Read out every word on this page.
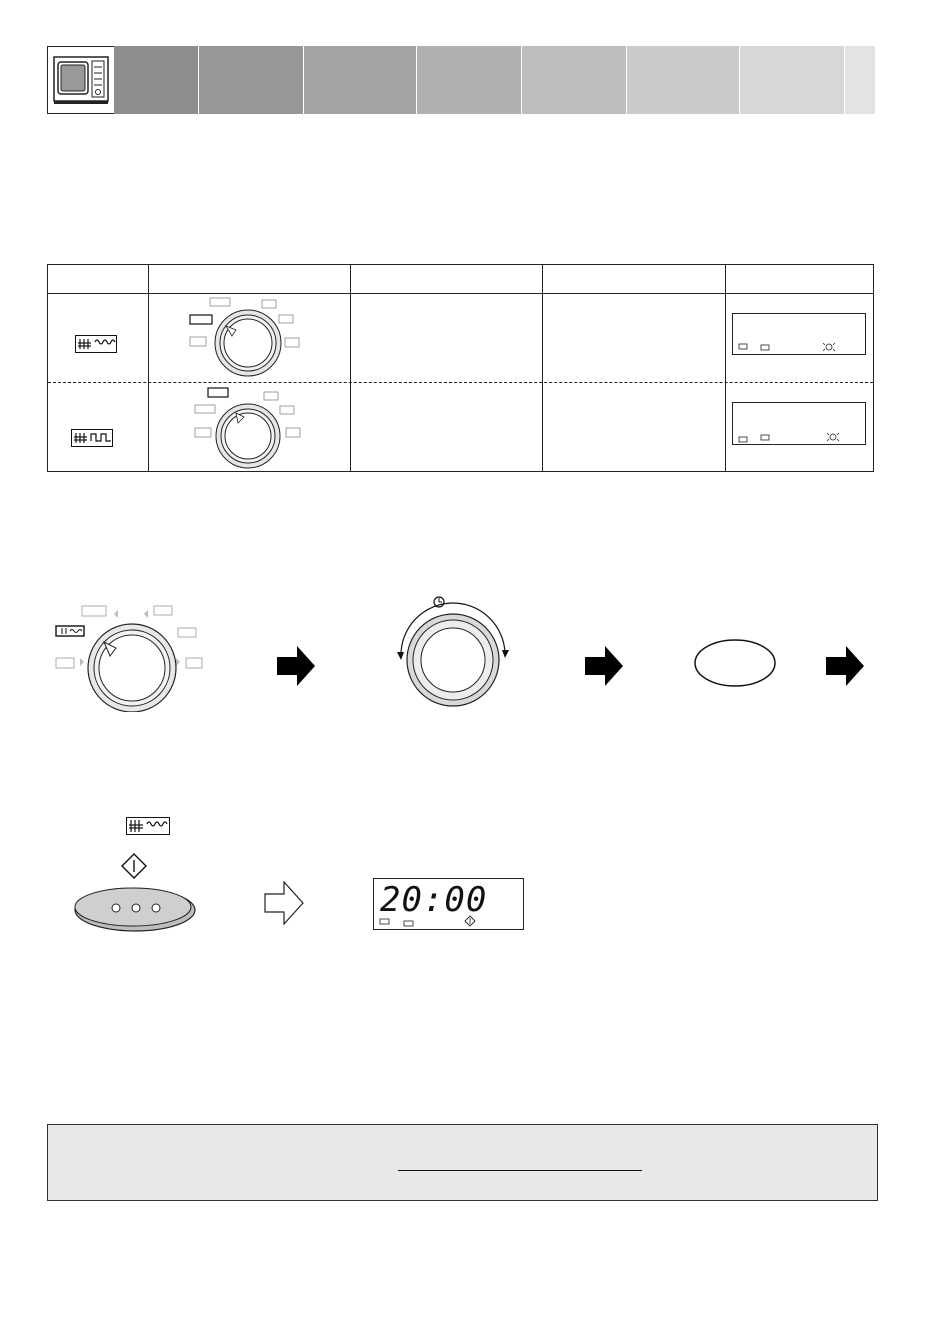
20:00
